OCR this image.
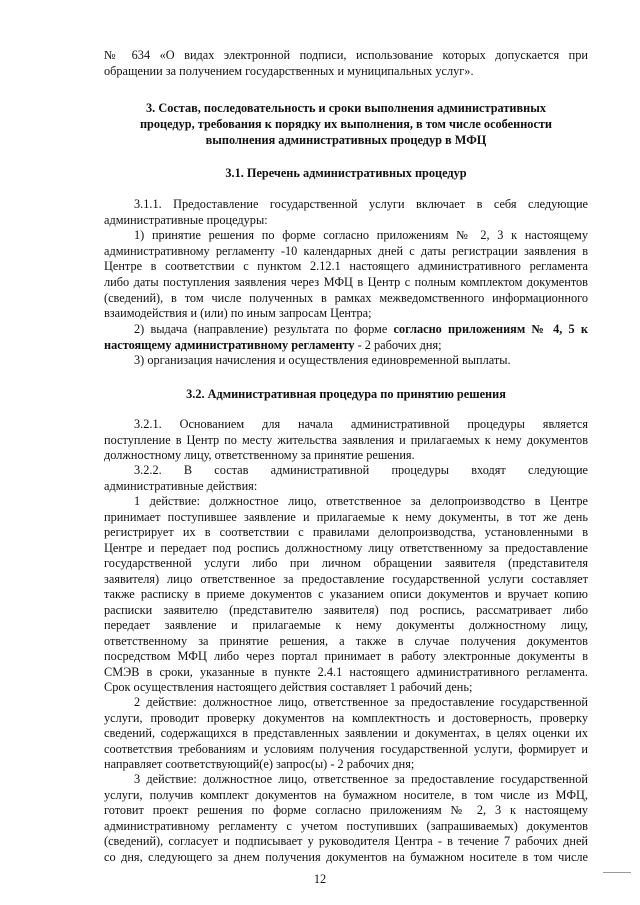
№ 634 «О видах электронной подписи, использование которых допускается при
обращении за получением государственных и муниципальных услуг».
3. Состав, последовательность и сроки выполнения административных
процедур, требования к порядку их выполнения, в том числе особенности
выполнения административных процедур в МФЦ
3.1. Перечень административных процедур
3.1.1. Предоставление государственной услуги включает в себя следующие
административные процедуры:
1) принятие решения по форме согласно приложениям № 2, 3 к настоящему
административному регламенту -10 календарных дней с даты регистрации заявления в
Центре в соответствии с пунктом 2.12.1 настоящего административного регламента
либо даты поступления заявления через МФЦ в Центр с полным комплектом документов
(сведений), в том числе полученных в рамках межведомственного информационного
взаимодействия и (или) по иным запросам Центра;
2) выдача (направление) результата по форме согласно приложениям № 4, 5 к
настоящему административному регламенту - 2 рабочих дня;
3) организация начисления и осуществления единовременной выплаты.
3.2. Административная процедура по принятию решения
3.2.1. Основанием для начала административной процедуры является
поступление в Центр по месту жительства заявления и прилагаемых к нему документов
должностному лицу, ответственному за принятие решения.
3.2.2. В состав административной процедуры входят следующие
административные действия:
1 действие: должностное лицо, ответственное за делопроизводство в Центре
принимает поступившее заявление и прилагаемые к нему документы, в тот же день
регистрирует их в соответствии с правилами делопроизводства, установленными в
Центре и передает под роспись должностному лицу ответственному за предоставление
государственной услуги либо при личном обращении заявителя (представителя
заявителя) лицо ответственное за предоставление государственной услуги составляет
также расписку в приеме документов с указанием описи документов и вручает копию
расписки заявителю (представителю заявителя) под роспись, рассматривает либо
передает заявление и прилагаемые к нему документы должностному лицу,
ответственному за принятие решения, а также в случае получения документов
посредством МФЦ либо через портал принимает в работу электронные документы в
СМЭВ в сроки, указанные в пункте 2.4.1 настоящего административного регламента.
Срок осуществления настоящего действия составляет 1 рабочий день;
2 действие: должностное лицо, ответственное за предоставление государственной
услуги, проводит проверку документов на комплектность и достоверность, проверку
сведений, содержащихся в представленных заявлении и документах, в целях оценки их
соответствия требованиям и условиям получения государственной услуги, формирует и
направляет соответствующий(е) запрос(ы) - 2 рабочих дня;
3 действие: должностное лицо, ответственное за предоставление государственной
услуги, получив комплект документов на бумажном носителе, в том числе из МФЦ,
готовит проект решения по форме согласно приложениям № 2, 3 к настоящему
административному регламенту с учетом поступивших (запрашиваемых) документов
(сведений), согласует и подписывает у руководителя Центра - в течение 7 рабочих дней
со дня, следующего за днем получения документов на бумажном носителе в том числе
12
